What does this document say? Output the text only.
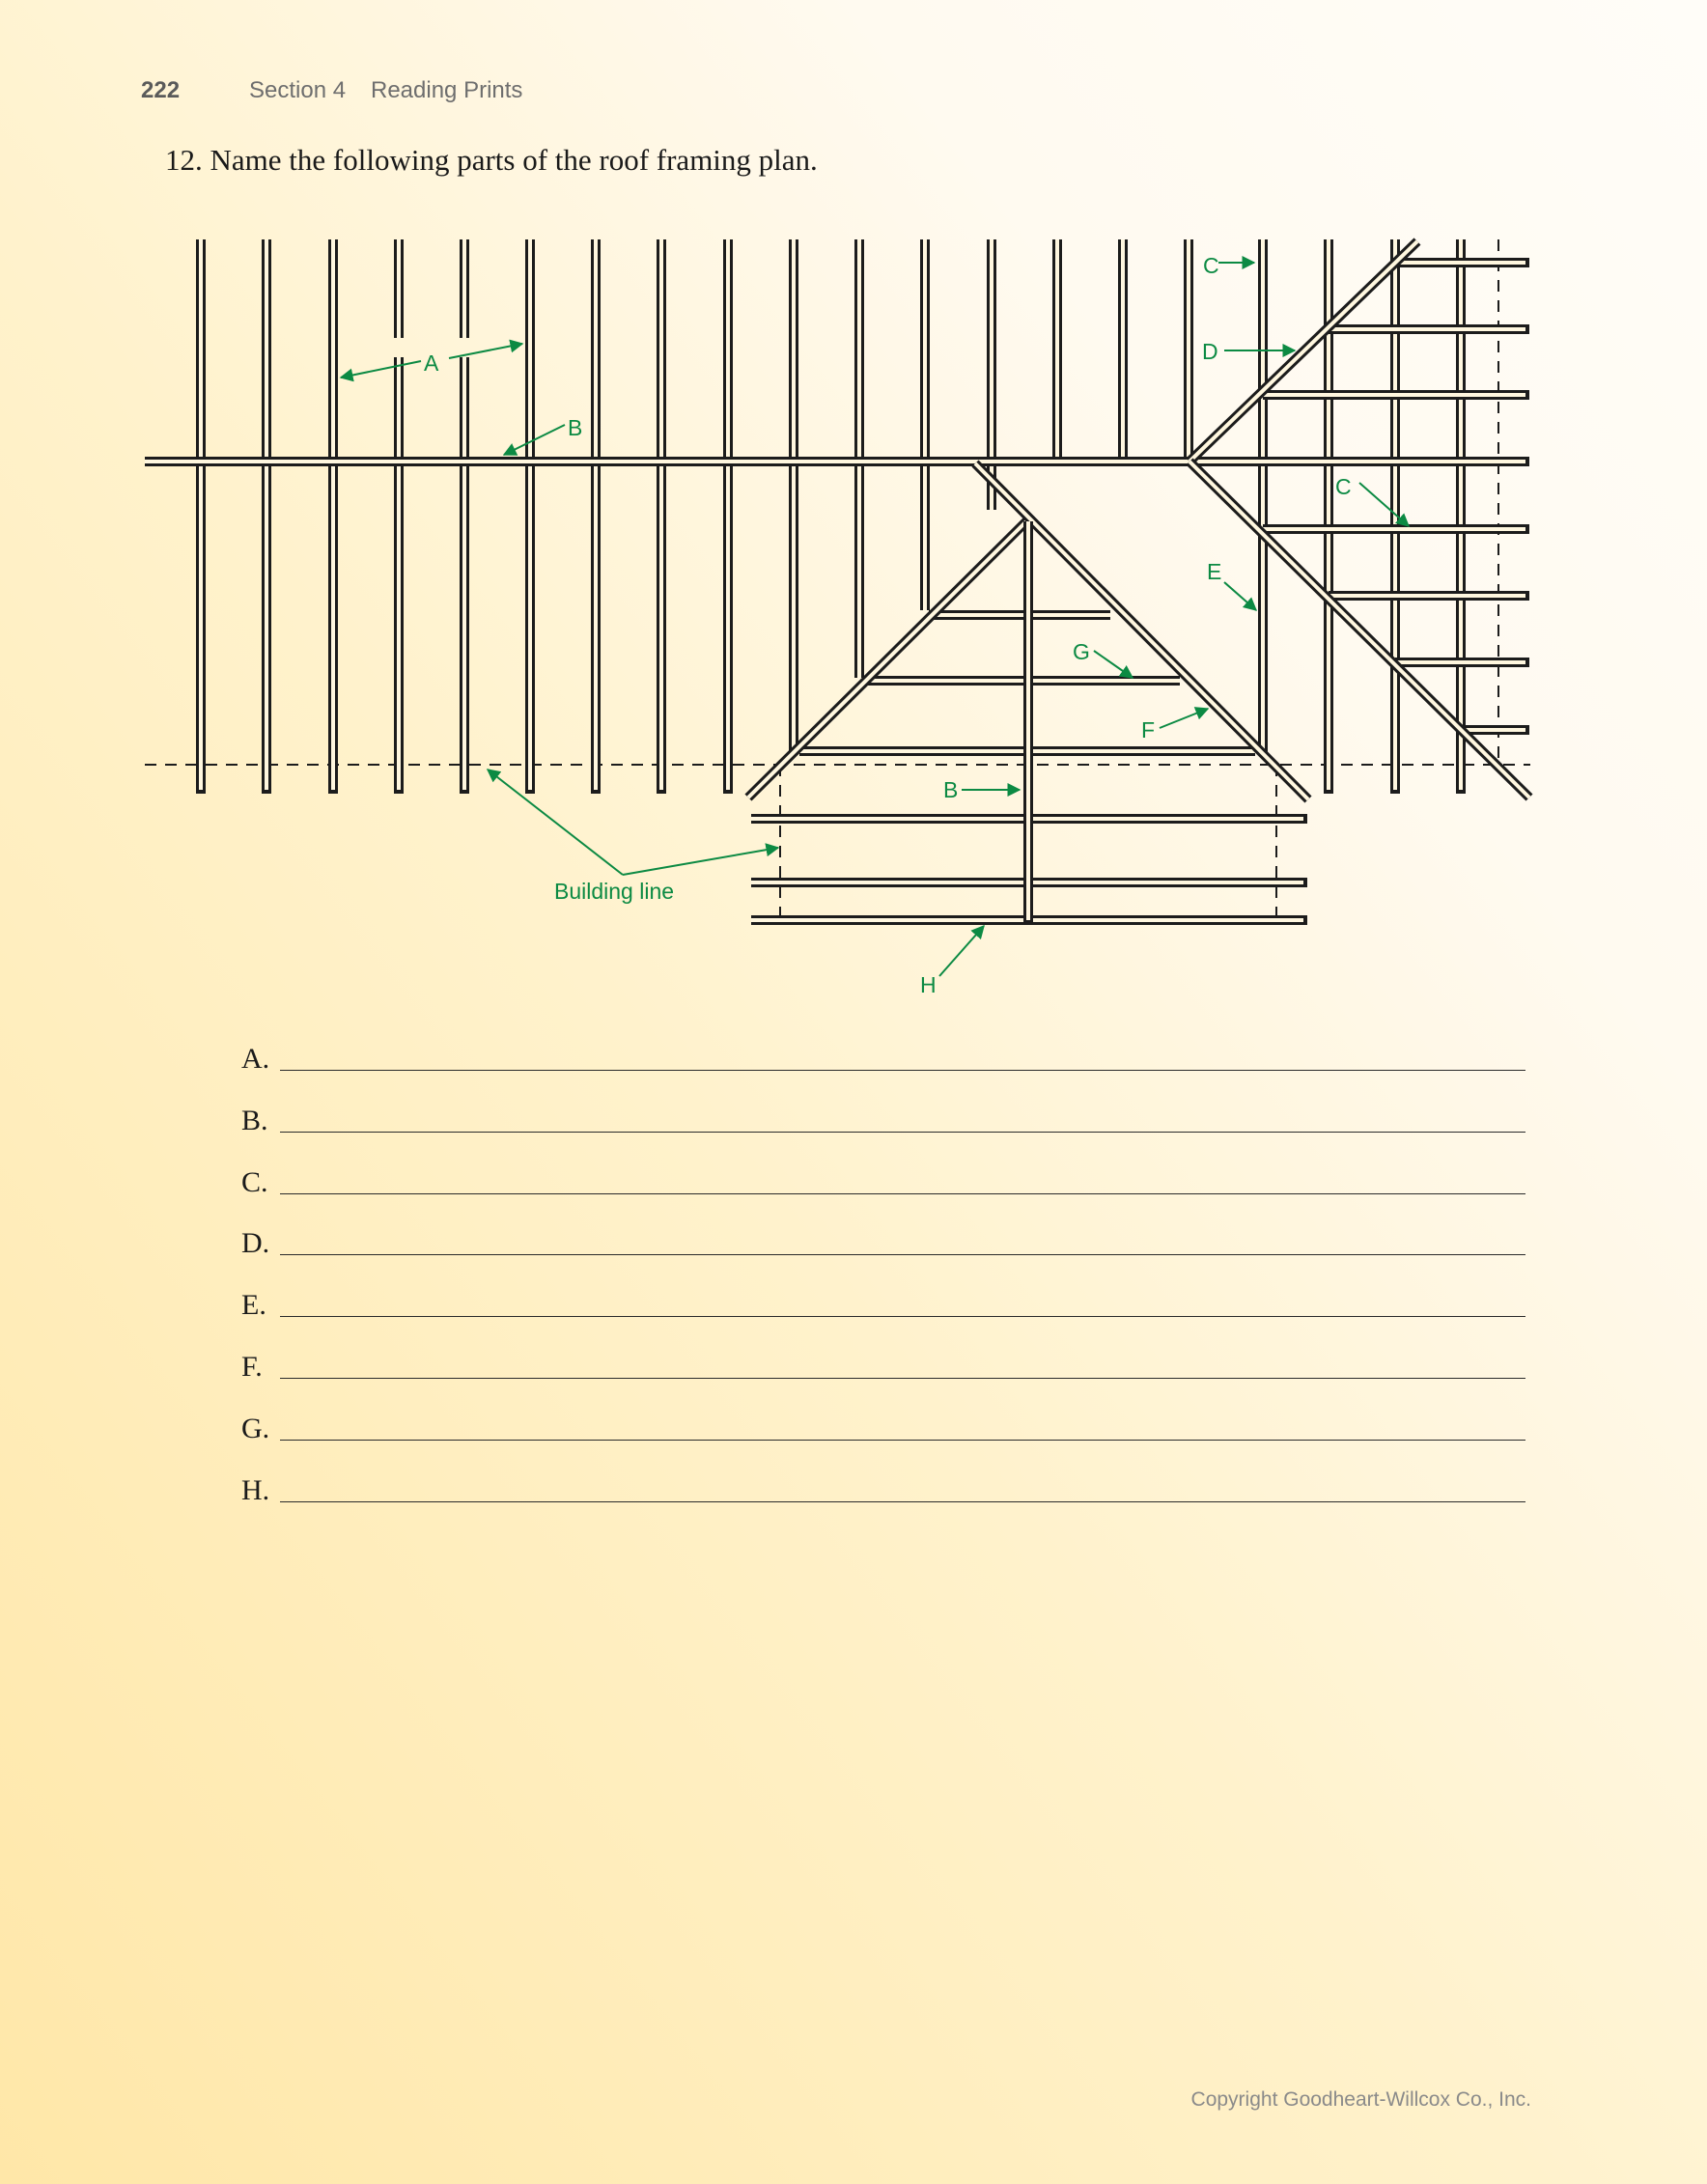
222	Section 4 Reading Prints
12. Name the following parts of the roof framing plan.
A
B
C
D
C
E
G
F
B
Building line
H
A.
B.
C.
D.
E.
F.
G.
H.
Copyright Goodheart-Willcox Co., Inc.
